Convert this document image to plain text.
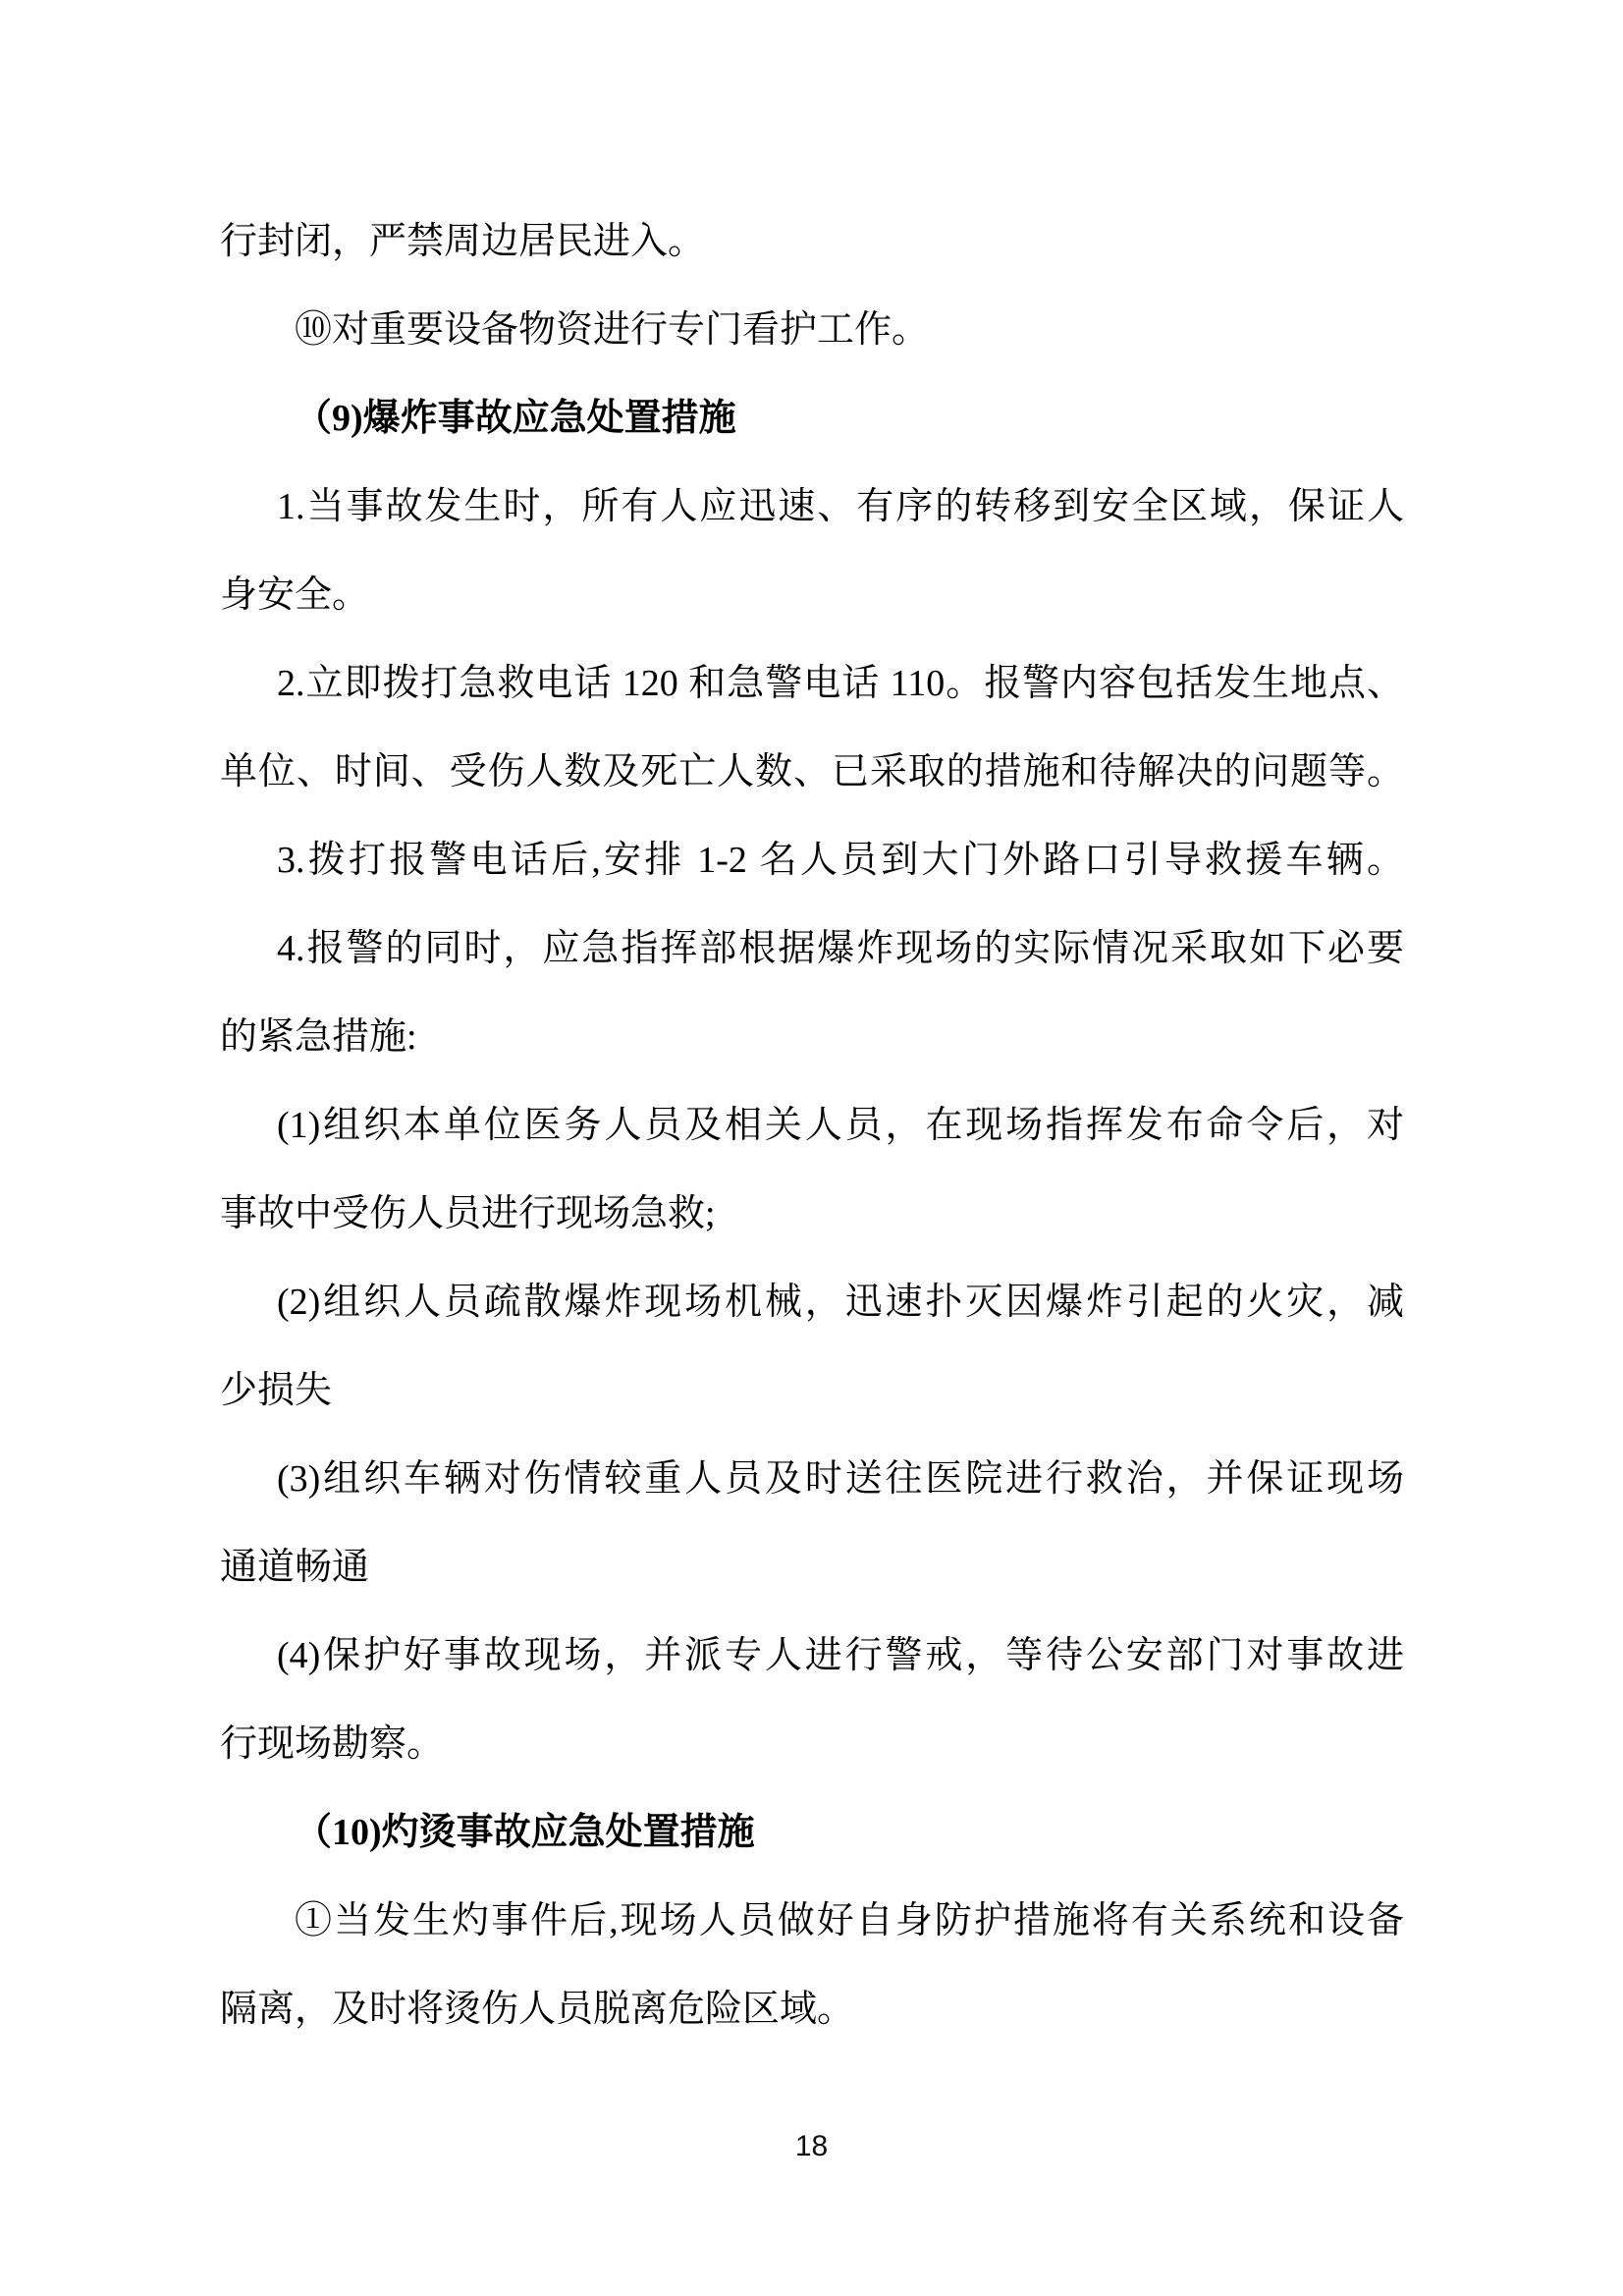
行封闭，严禁周边居民进入。
⑩对重要设备物资进行专门看护工作。
（9)爆炸事故应急处置措施
1.当事故发生时，所有人应迅速、有序的转移到安全区域，保证人
身安全。
2.立即拨打急救电话 120 和急警电话 110。报警内容包括发生地点、
单位、时间、受伤人数及死亡人数、已采取的措施和待解决的问题等。
3.拨打报警电话后,安排 1-2 名人员到大门外路口引导救援车辆。
4.报警的同时，应急指挥部根据爆炸现场的实际情况采取如下必要
的紧急措施:
(1)组织本单位医务人员及相关人员，在现场指挥发布命令后，对
事故中受伤人员进行现场急救;
(2)组织人员疏散爆炸现场机械，迅速扑灭因爆炸引起的火灾，减
少损失
(3)组织车辆对伤情较重人员及时送往医院进行救治，并保证现场
通道畅通
(4)保护好事故现场，并派专人进行警戒，等待公安部门对事故进
行现场勘察。
（10)灼烫事故应急处置措施
①当发生灼事件后,现场人员做好自身防护措施将有关系统和设备
隔离，及时将烫伤人员脱离危险区域。
18
